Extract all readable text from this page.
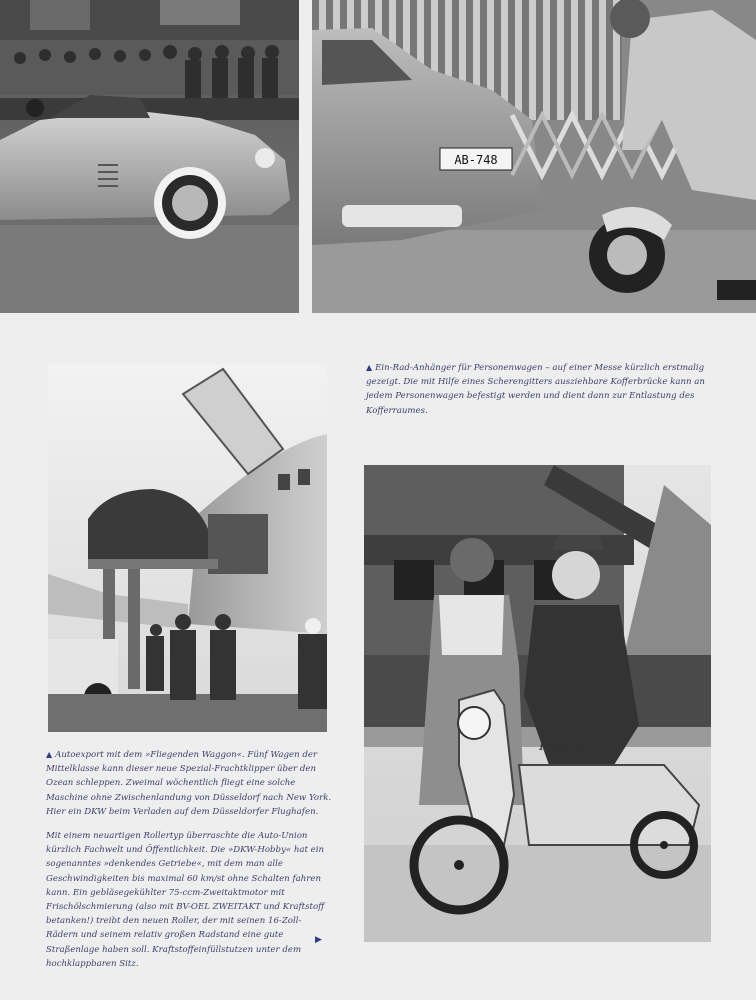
AB-748

▲ Ein-Rad-Anhänger für Personenwagen – auf einer Messe kürzlich erstmalig gezeigt. Die mit Hilfe eines Scherengitters ausziehbare Kofferbrücke kann an jedem Personenwagen befestigt werden und dient dann zur Entlastung des Kofferraumes.

Hobby

▲ Autoexport mit dem »Fliegenden Waggon«. Fünf Wagen der Mittelklasse kann dieser neue Spezial-Frachtklipper über den Ozean schleppen. Zweimal wöchentlich fliegt eine solche Maschine ohne Zwischenlandung von Düsseldorf nach New York. Hier ein DKW beim Verladen auf dem Düsseldorfer Flughafen.

Mit einem neuartigen Rollertyp überraschte die Auto-Union kürzlich Fachwelt und Öffentlichkeit. Die »DKW-Hobby« hat ein sogenanntes »denkendes Getriebe«, mit dem man alle Geschwindigkeiten bis maximal 60 km/st ohne Schalten fahren kann. Ein gebläsegekühlter 75-ccm-Zweitaktmotor mit Frischölschmierung (also mit BV-OEL ZWEITAKT und Kraftstoff betanken!) treibt den neuen Roller, der mit seinen 16-Zoll-Rädern und seinem relativ großen Radstand eine gute Straßenlage haben soll. Kraftstoffeinfüllstutzen unter dem hochklappbaren Sitz.

▶
